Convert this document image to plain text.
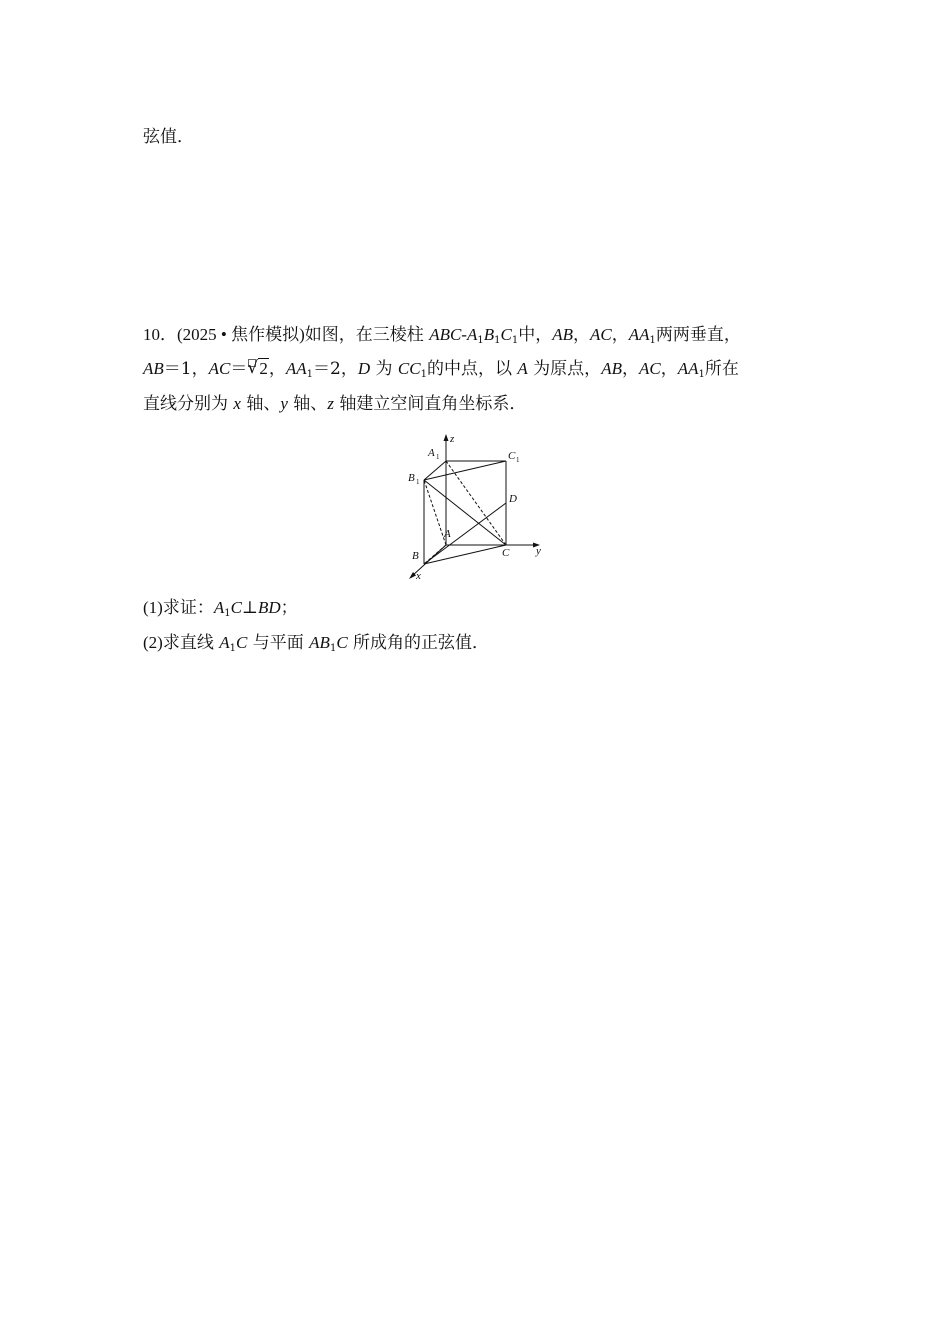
弦值．
10．(2025 • 焦作模拟)如图，在三棱柱 ABC-$A_1B_1C_1$中，AB，AC，$AA_1$两两垂直，
AB＝1，AC＝ √ 2，$AA_1=2$，D 为 $CC_1$的中点，以 A 为原点，AB，AC，$AA_1$所在
直线分别为 x 轴、y 轴、z 轴建立空间直角坐标系．
z
A 1	C 1
B 1
D
A
B	C y
x
(1)求证：$A_1C\perp BD$；
(2)求直线 $A_1C$ 与平面 $AB_1C$ 所成角的正弦值．
